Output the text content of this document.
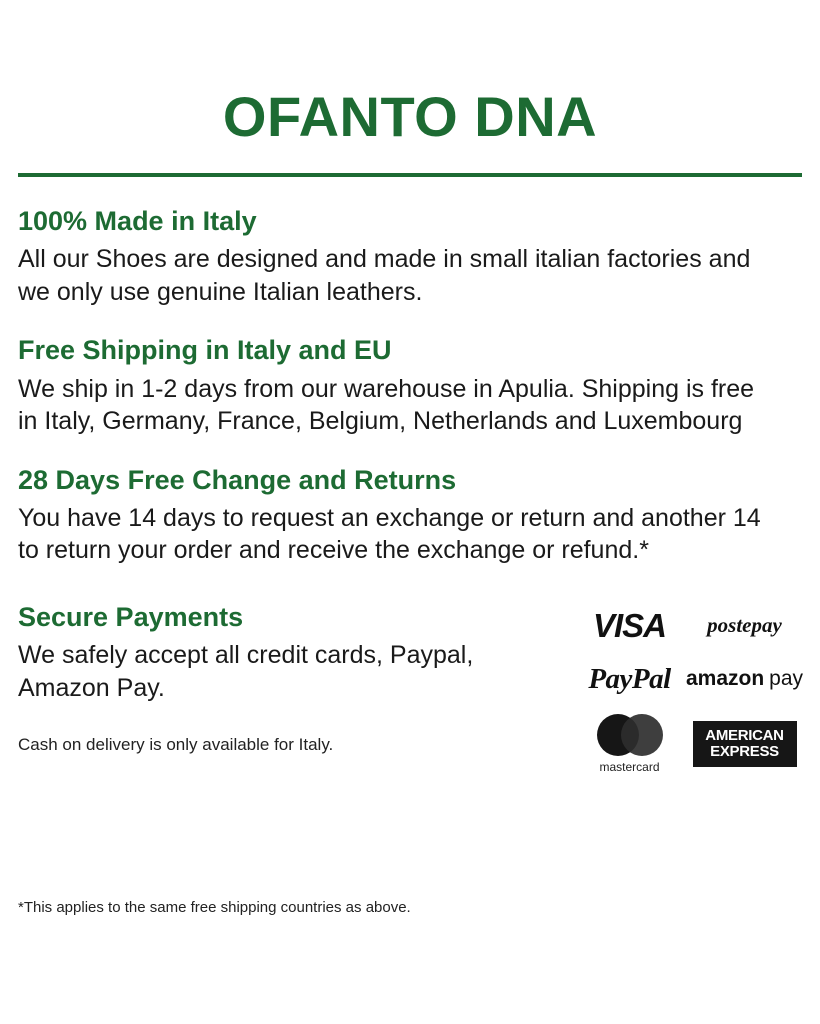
OFANTO DNA
100% Made in Italy

All our Shoes are designed and made in small italian factories and we only use genuine Italian leathers.

Free Shipping in Italy and EU

We ship in 1-2 days from our warehouse in Apulia. Shipping is free in Italy, Germany, France, Belgium, Netherlands and Luxembourg

28 Days Free Change and Returns

You have 14 days to request an exchange or return and another 14 to return your order and receive the exchange or refund.*

Secure Payments

We safely accept all credit cards, Paypal, Amazon Pay.

Cash on delivery is only available for Italy.

VISA postepay
PayPal amazon pay
mastercard
AMERICAN
EXPRESS
*This applies to the same free shipping countries as above.
